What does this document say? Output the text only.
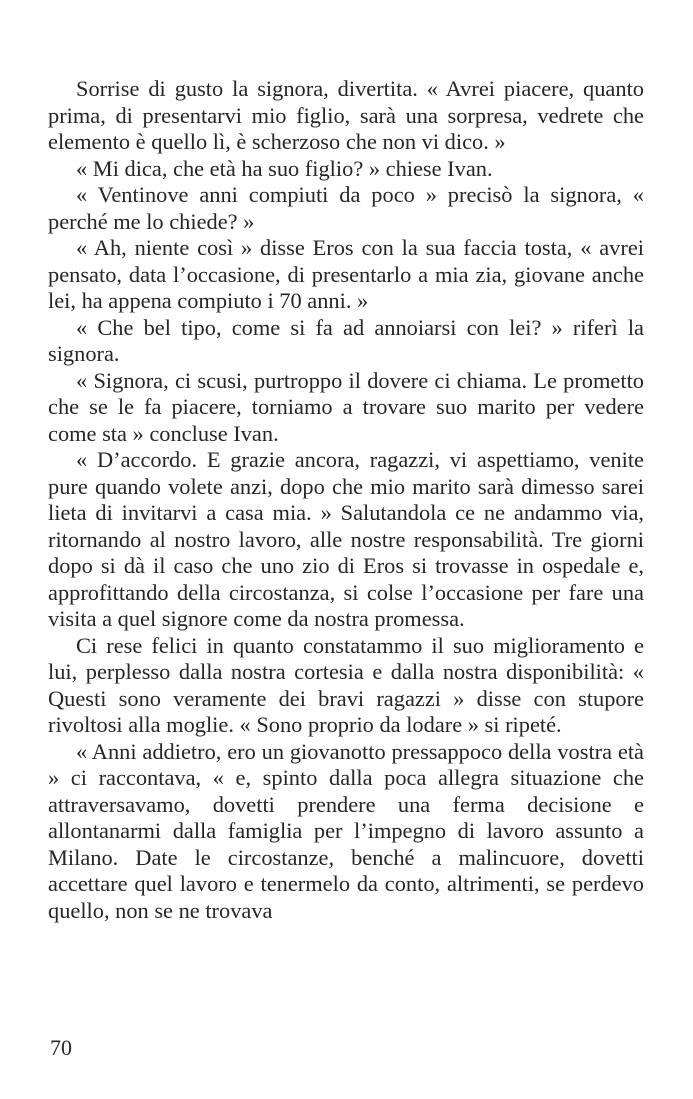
Sorrise di gusto la signora, divertita. « Avrei piacere, quanto prima, di presentarvi mio figlio, sarà una sorpresa, vedrete che elemento è quello lì, è scherzoso che non vi dico. »

« Mi dica, che età ha suo figlio? » chiese Ivan.

« Ventinove anni compiuti da poco » precisò la signora, « perché me lo chiede? »

« Ah, niente così » disse Eros con la sua faccia tosta, « avrei pensato, data l’occasione, di presentarlo a mia zia, giovane anche lei, ha appena compiuto i 70 anni. »

« Che bel tipo, come si fa ad annoiarsi con lei? » riferì la signora.

« Signora, ci scusi, purtroppo il dovere ci chiama. Le prometto che se le fa piacere, torniamo a trovare suo marito per vedere come sta » concluse Ivan.

« D’accordo. E grazie ancora, ragazzi, vi aspettiamo, venite pure quando volete anzi, dopo che mio marito sarà dimesso sarei lieta di invitarvi a casa mia. » Salutandola ce ne andammo via, ritornando al nostro lavoro, alle nostre responsabilità. Tre giorni dopo si dà il caso che uno zio di Eros si trovasse in ospedale e, approfittando della circostanza, si colse l’occasione per fare una visita a quel signore come da nostra promessa.

Ci rese felici in quanto constatammo il suo miglioramento e lui, perplesso dalla nostra cortesia e dalla nostra disponibilità: « Questi sono veramente dei bravi ragazzi » disse con stupore rivoltosi alla moglie. « Sono proprio da lodare » si ripeté.

« Anni addietro, ero un giovanotto pressappoco della vostra età » ci raccontava, « e, spinto dalla poca allegra situazione che attraversavamo, dovetti prendere una ferma decisione e allontanarmi dalla famiglia per l’impegno di lavoro assunto a Milano. Date le circostanze, benché a malincuore, dovetti accettare quel lavoro e tenermelo da conto, altrimenti, se perdevo quello, non se ne trovava

70
